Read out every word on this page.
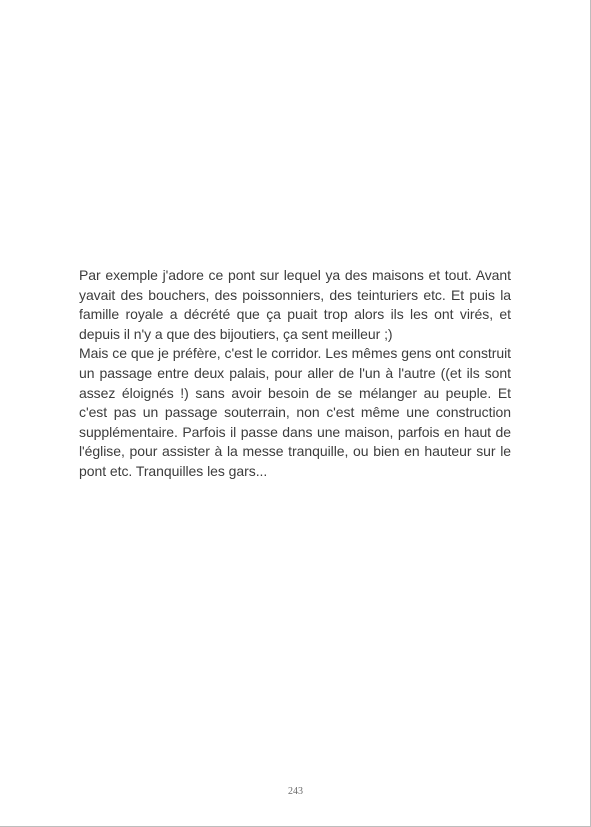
Par exemple j'adore ce pont sur lequel ya des maisons et tout. Avant yavait des bouchers, des poissonniers, des teinturiers etc. Et puis la famille royale a décrété que ça puait trop alors ils les ont virés, et depuis il n'y a que des bijoutiers, ça sent meilleur ;)

Mais ce que je préfère, c'est le corridor. Les mêmes gens ont construit un passage entre deux palais, pour aller de l'un à l'autre ((et ils sont assez éloignés !) sans avoir besoin de se mélanger au peuple. Et c'est pas un passage souterrain, non c'est même une construction supplémentaire. Parfois il passe dans une maison, parfois en haut de l'église, pour assister à la messe tranquille, ou bien en hauteur sur le pont etc. Tranquilles les gars...

243
